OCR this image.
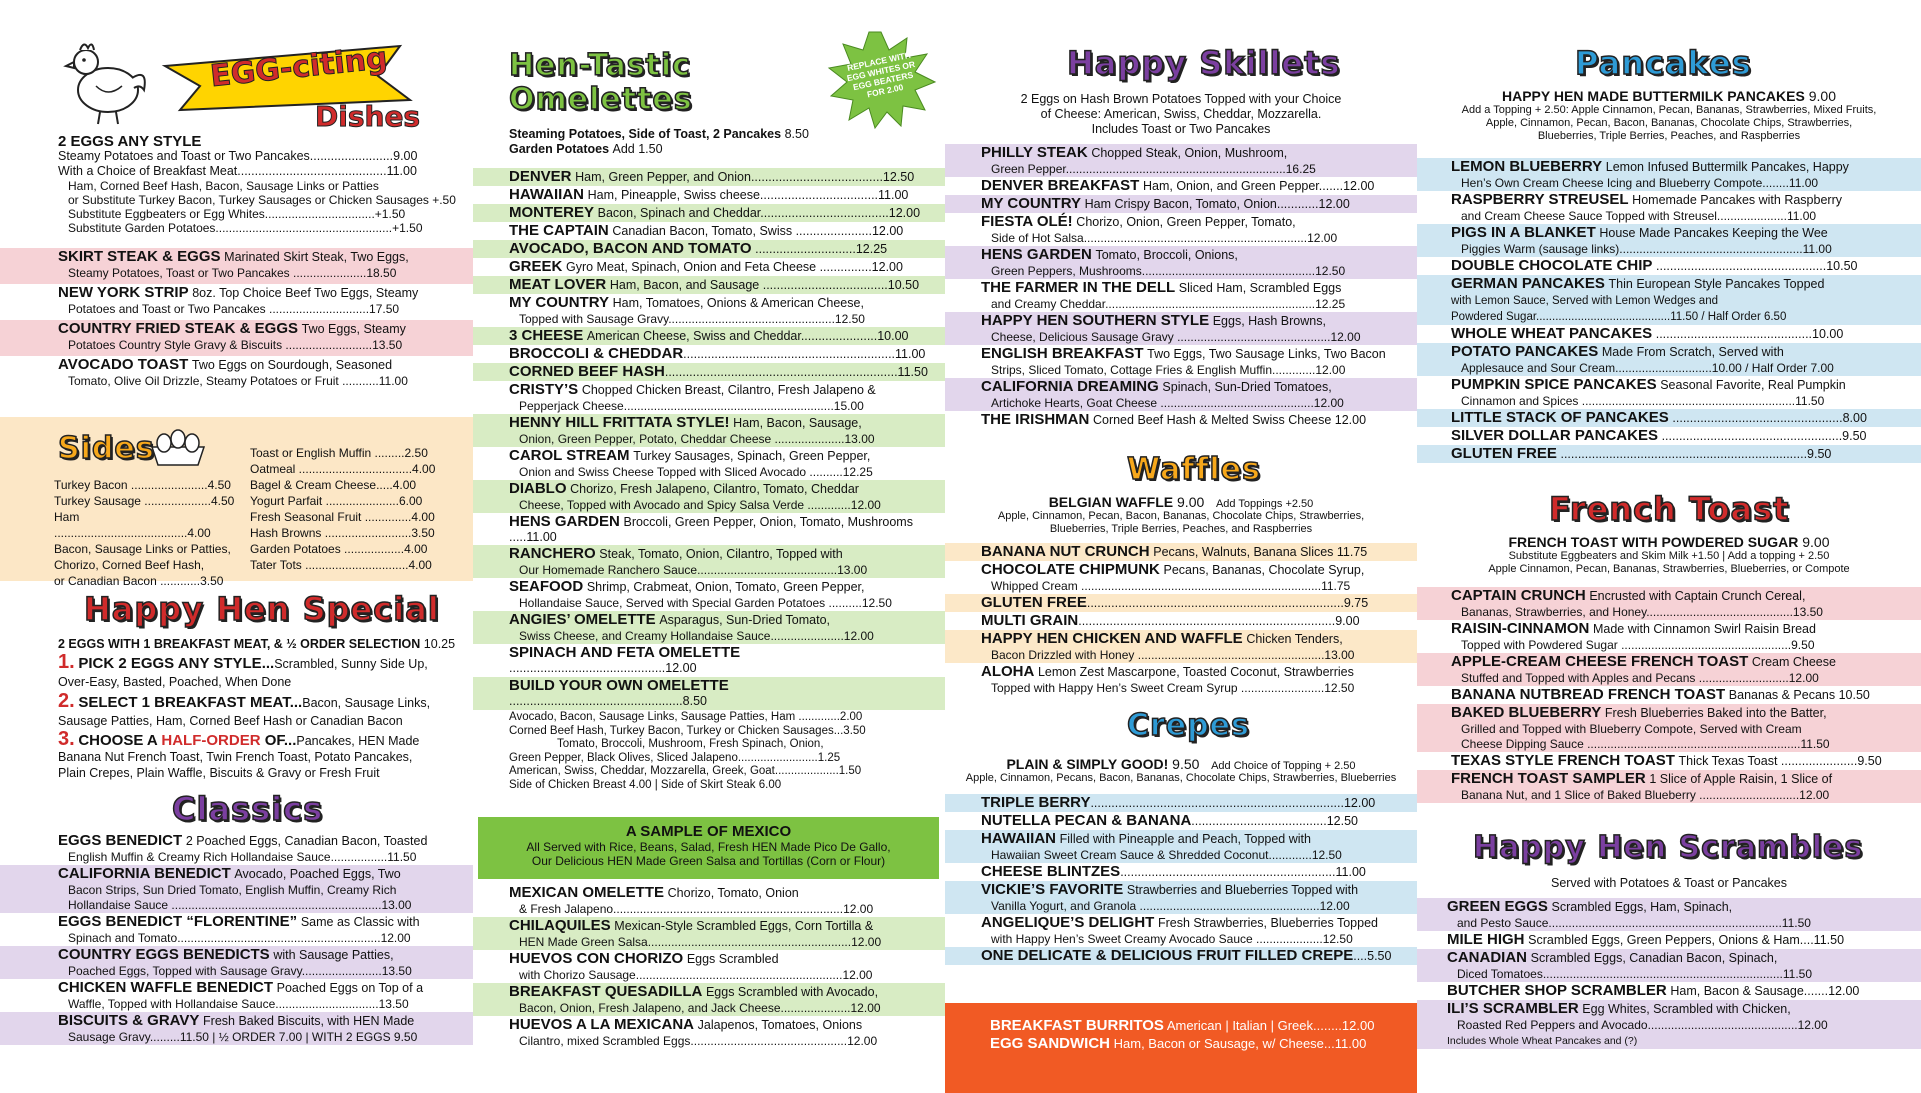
EGG-citing
Dishes
2 EGGS ANY STYLE
Steamy Potatoes and Toast or Two Pancakes........................9.00
With a Choice of Breakfast Meat...........................................11.00
Ham, Corned Beef Hash, Bacon, Sausage Links or Patties
or Substitute Turkey Bacon, Turkey Sausages or Chicken Sausages +.50
Substitute Eggbeaters or Egg Whites.................................+1.50
Substitute Garden Potatoes.....................................................+1.50
SKIRT STEAK & EGGS Marinated Skirt Steak, Two Eggs,
Steamy Potatoes, Toast or Two Pancakes ......................18.50
NEW YORK STRIP 8oz. Top Choice Beef Two Eggs, Steamy
Potatoes and Toast or Two Pancakes ..............................17.50
COUNTRY FRIED STEAK & EGGS Two Eggs, Steamy
Potatoes Country Style Gravy & Biscuits ..........................13.50
AVOCADO TOAST Two Eggs on Sourdough, Seasoned
Tomato, Olive Oil Drizzle, Steamy Potatoes or Fruit ...........11.00
Sides
Turkey Bacon .......................4.50
Turkey Sausage ....................4.50
Ham ........................................4.00
Bacon, Sausage Links or Patties,
Chorizo, Corned Beef Hash,
or Canadian Bacon ............3.50
Toast or English Muffin .........2.50
Oatmeal ..................................4.00
Bagel & Cream Cheese.....4.00
Yogurt Parfait ......................6.00
Fresh Seasonal Fruit ..............4.00
Hash Browns ..........................3.50
Garden Potatoes ..................4.00
Tater Tots ...............................4.00
Happy Hen Special
2 EGGS WITH 1 BREAKFAST MEAT, & ½ ORDER SELECTION 10.25
1. PICK 2 EGGS ANY STYLE...Scrambled, Sunny Side Up,
Over-Easy, Basted, Poached, When Done
2. SELECT 1 BREAKFAST MEAT...Bacon, Sausage Links,
Sausage Patties, Ham, Corned Beef Hash or Canadian Bacon
3. CHOOSE A HALF-ORDER OF...Pancakes, HEN Made
Banana Nut French Toast, Twin French Toast, Potato Pancakes,
Plain Crepes, Plain Waffle, Biscuits & Gravy or Fresh Fruit
Classics
EGGS BENEDICT 2 Poached Eggs, Canadian Bacon, Toasted
English Muffin & Creamy Rich Hollandaise Sauce.................11.50
CALIFORNIA BENEDICT Avocado, Poached Eggs, Two
Bacon Strips, Sun Dried Tomato, English Muffin, Creamy Rich
Hollandaise Sauce ...............................................................13.00
EGGS BENEDICT “FLORENTINE” Same as Classic with
Spinach and Tomato.............................................................12.00
COUNTRY EGGS BENEDICTS with Sausage Patties,
Poached Eggs, Topped with Sausage Gravy........................13.50
CHICKEN WAFFLE BENEDICT Poached Eggs on Top of a
Waffle, Topped with Hollandaise Sauce...............................13.50
BISCUITS & GRAVY Fresh Baked Biscuits, with HEN Made
Sausage Gravy.........11.50 | ½ ORDER 7.00 | WITH 2 EGGS 9.50
Hen-Tastic
Omelettes
REPLACE WITH EGG WHITES OR EGG BEATERS FOR 2.00
Steaming Potatoes, Side of Toast, 2 Pancakes 8.50
Garden Potatoes Add 1.50
DENVER Ham, Green Pepper, and Onion......................................12.50
HAWAIIAN Ham, Pineapple, Swiss cheese..................................11.00
MONTEREY Bacon, Spinach and Cheddar.....................................12.00
THE CAPTAIN Canadian Bacon, Tomato, Swiss ......................12.00
AVOCADO, BACON AND TOMATO .............................12.25
GREEK Gyro Meat, Spinach, Onion and Feta Cheese ...............12.00
MEAT LOVER Ham, Bacon, and Sausage ....................................10.50
MY COUNTRY Ham, Tomatoes, Onions & American Cheese,
Topped with Sausage Gravy..................................................12.50
3 CHEESE American Cheese, Swiss and Cheddar......................10.00
BROCCOLI & CHEDDAR.............................................................11.00
CORNED BEEF HASH...................................................................11.50
CRISTY’S Chopped Chicken Breast, Cilantro, Fresh Jalapeno &
Pepperjack Cheese...............................................................15.00
HENNY HILL FRITTATA STYLE! Ham, Bacon, Sausage,
Onion, Green Pepper, Potato, Cheddar Cheese .....................13.00
CAROL STREAM Turkey Sausages, Spinach, Green Pepper,
Onion and Swiss Cheese Topped with Sliced Avocado ..........12.25
DIABLO Chorizo, Fresh Jalapeno, Cilantro, Tomato, Cheddar
Cheese, Topped with Avocado and Spicy Salsa Verde .............12.00
HENS GARDEN Broccoli, Green Pepper, Onion, Tomato, Mushrooms .....11.00
RANCHERO Steak, Tomato, Onion, Cilantro, Topped with
Our Homemade Ranchero Sauce..........................................13.00
SEAFOOD Shrimp, Crabmeat, Onion, Tomato, Green Pepper,
Hollandaise Sauce, Served with Special Garden Potatoes ..........12.50
ANGIES’ OMELETTE Asparagus, Sun-Dried Tomato,
Swiss Cheese, and Creamy Hollandaise Sauce......................12.00
SPINACH AND FETA OMELETTE .............................................12.00
BUILD YOUR OWN OMELETTE ..................................................8.50
Avocado, Bacon, Sausage Links, Sausage Patties, Ham .............2.00
Corned Beef Hash, Turkey Bacon, Turkey or Chicken Sausages...3.50
Tomato, Broccoli, Mushroom, Fresh Spinach, Onion,
Green Pepper, Black Olives, Sliced Jalapeno.........................1.25
American, Swiss, Cheddar, Mozzarella, Greek, Goat....................1.50
Side of Chicken Breast 4.00 | Side of Skirt Steak 6.00
A SAMPLE OF MEXICO
All Served with Rice, Beans, Salad, Fresh HEN Made Pico De Gallo,
Our Delicious HEN Made Green Salsa and Tortillas (Corn or Flour)
MEXICAN OMELETTE Chorizo, Tomato, Onion
& Fresh Jalapeno.....................................................................12.00
CHILAQUILES Mexican-Style Scrambled Eggs, Corn Tortilla &
HEN Made Green Salsa.............................................................12.00
HUEVOS CON CHORIZO Eggs Scrambled
with Chorizo Sausage..............................................................12.00
BREAKFAST QUESADILLA Eggs Scrambled with Avocado,
Bacon, Onion, Fresh Jalapeno, and Jack Cheese.....................12.00
HUEVOS A LA MEXICANA Jalapenos, Tomatoes, Onions
Cilantro, mixed Scrambled Eggs...............................................12.00
Happy Skillets
2 Eggs on Hash Brown Potatoes Topped with your Choice
of Cheese: American, Swiss, Cheddar, Mozzarella.
Includes Toast or Two Pancakes
PHILLY STEAK Chopped Steak, Onion, Mushroom,
Green Pepper..................................................................16.25
DENVER BREAKFAST Ham, Onion, and Green Pepper.......12.00
MY COUNTRY Ham Crispy Bacon, Tomato, Onion............12.00
FIESTA OLÉ! Chorizo, Onion, Green Pepper, Tomato,
Side of Hot Salsa...................................................................12.00
HENS GARDEN Tomato, Broccoli, Onions,
Green Peppers, Mushrooms....................................................12.50
THE FARMER IN THE DELL Sliced Ham, Scrambled Eggs
and Creamy Cheddar...............................................................12.25
HAPPY HEN SOUTHERN STYLE Eggs, Hash Browns,
Cheese, Delicious Sausage Gravy ..............................................12.00
ENGLISH BREAKFAST Two Eggs, Two Sausage Links, Two Bacon
Strips, Sliced Tomato, Cottage Fries & English Muffin.............12.00
CALIFORNIA DREAMING Spinach, Sun-Dried Tomatoes,
Artichoke Hearts, Goat Cheese ..............................................12.00
THE IRISHMAN Corned Beef Hash & Melted Swiss Cheese 12.00
Waffles
BELGIAN WAFFLE 9.00 Add Toppings +2.50
Apple, Cinnamon, Pecan, Bacon, Bananas, Chocolate Chips, Strawberries,
Blueberries, Triple Berries, Peaches, and Raspberries
BANANA NUT CRUNCH Pecans, Walnuts, Banana Slices 11.75
CHOCOLATE CHIPMUNK Pecans, Bananas, Chocolate Syrup,
Whipped Cream ........................................................................11.75
GLUTEN FREE..........................................................................9.75
MULTI GRAIN..........................................................................9.00
HAPPY HEN CHICKEN AND WAFFLE Chicken Tenders,
Bacon Drizzled with Honey ........................................................13.00
ALOHA Lemon Zest Mascarpone, Toasted Coconut, Strawberries
Topped with Happy Hen’s Sweet Cream Syrup .........................12.50
Crepes
PLAIN & SIMPLY GOOD! 9.50 Add Choice of Topping + 2.50
Apple, Cinnamon, Pecans, Bacon, Bananas, Chocolate Chips, Strawberries, Blueberries
TRIPLE BERRY.........................................................................12.00
NUTELLA PECAN & BANANA.......................................12.50
HAWAIIAN Filled with Pineapple and Peach, Topped with
Hawaiian Sweet Cream Sauce & Shredded Coconut.............12.50
CHEESE BLINTZES..............................................................11.00
VICKIE’S FAVORITE Strawberries and Blueberries Topped with
Vanilla Yogurt, and Granola ......................................................12.00
ANGELIQUE’S DELIGHT Fresh Strawberries, Blueberries Topped
with Happy Hen’s Sweet Creamy Avocado Sauce ....................12.50
ONE DELICATE & DELICIOUS FRUIT FILLED CREPE....5.50
BREAKFAST BURRITOS American | Italian | Greek........12.00
EGG SANDWICH Ham, Bacon or Sausage, w/ Cheese...11.00
Pancakes
HAPPY HEN MADE BUTTERMILK PANCAKES 9.00
Add a Topping + 2.50: Apple Cinnamon, Pecan, Bananas, Strawberries, Mixed Fruits,
Apple, Cinnamon, Pecan, Bacon, Bananas, Chocolate Chips, Strawberries,
Blueberries, Triple Berries, Peaches, and Raspberries
LEMON BLUEBERRY Lemon Infused Buttermilk Pancakes, Happy
Hen’s Own Cream Cheese Icing and Blueberry Compote........11.00
RASPBERRY STREUSEL Homemade Pancakes with Raspberry
and Cream Cheese Sauce Topped with Streusel.....................11.00
PIGS IN A BLANKET House Made Pancakes Keeping the Wee
Piggies Warm (sausage links).......................................................11.00
DOUBLE CHOCOLATE CHIP .................................................10.50
GERMAN PANCAKES Thin European Style Pancakes Topped
with Lemon Sauce, Served with Lemon Wedges and
Powdered Sugar..........................................11.50 / Half Order 6.50
WHOLE WHEAT PANCAKES .............................................10.00
POTATO PANCAKES Made From Scratch, Served with
Applesauce and Sour Cream.............................10.00 / Half Order 7.00
PUMPKIN SPICE PANCAKES Seasonal Favorite, Real Pumpkin
Cinnamon and Spices ................................................................11.50
LITTLE STACK OF PANCAKES .................................................8.00
SILVER DOLLAR PANCAKES ....................................................9.50
GLUTEN FREE .......................................................................9.50
French Toast
FRENCH TOAST WITH POWDERED SUGAR 9.00
Substitute Eggbeaters and Skim Milk +1.50 | Add a topping + 2.50
Apple Cinnamon, Pecan, Bananas, Strawberries, Blueberries, or Compote
CAPTAIN CRUNCH Encrusted with Captain Crunch Cereal,
Bananas, Strawberries, and Honey............................................13.50
RAISIN-CINNAMON Made with Cinnamon Swirl Raisin Bread
Topped with Powdered Sugar ...................................................9.50
APPLE-CREAM CHEESE FRENCH TOAST Cream Cheese
Stuffed and Topped with Apples and Pecans ...........................12.00
BANANA NUTBREAD FRENCH TOAST Bananas & Pecans 10.50
BAKED BLUEBERRY Fresh Blueberries Baked into the Batter,
Grilled and Topped with Blueberry Compote, Served with Cream
Cheese Dipping Sauce ................................................................11.50
TEXAS STYLE FRENCH TOAST Thick Texas Toast ......................9.50
FRENCH TOAST SAMPLER 1 Slice of Apple Raisin, 1 Slice of
Banana Nut, and 1 Slice of Baked Blueberry ..............................12.00
Happy Hen Scrambles
Served with Potatoes & Toast or Pancakes
GREEN EGGS Scrambled Eggs, Ham, Spinach,
and Pesto Sauce......................................................................11.50
MILE HIGH Scrambled Eggs, Green Peppers, Onions & Ham....11.50
CANADIAN Scrambled Eggs, Canadian Bacon, Spinach,
Diced Tomatoes........................................................................11.50
BUTCHER SHOP SCRAMBLER Ham, Bacon & Sausage.......12.00
ILI’S SCRAMBLER Egg Whites, Scrambled with Chicken,
Roasted Red Peppers and Avocado.............................................12.00
Includes Whole Wheat Pancakes and (?)
